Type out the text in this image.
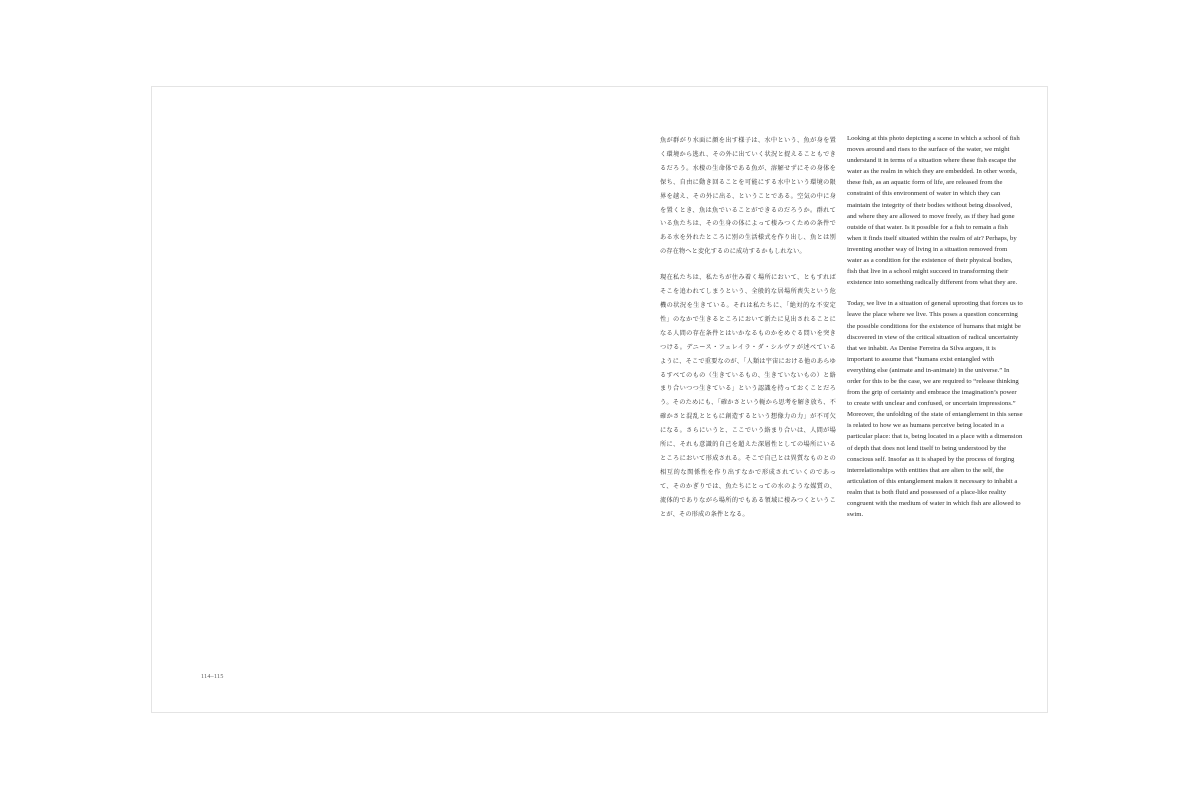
魚が群がり水面に顔を出す様子は、水中という、魚が身を置く環境から逃れ、その外に出ていく状況と捉えることもできるだろう。水棲の生命体である魚が、溶解せずにその身体を保ち、自由に動き回ることを可能にする水中という環境の限界を越え、その外に出る、ということである。空気の中に身を置くとき、魚は魚でいることができるのだろうか。群れている魚たちは、その生身の体によって棲みつくための条件である水を外れたところに別の生活様式を作り出し、魚とは別の存在物へと変化するのに成功するかもしれない。

現在私たちは、私たちが住み着く場所において、ともすればそこを追われてしまうという、全般的な居場所喪失という危機の状況を生きている。それは私たちに、「絶対的な不安定性」のなかで生きるところにおいて新たに見出されることになる人間の存在条件とはいかなるものかをめぐる問いを突きつける。デニース・フェレイラ・ダ・シルヴァが述べているように、そこで重要なのが、「人類は宇宙における他のあらゆるすべてのもの（生きているもの、生きていないもの）と絡まり合いつつ生きている」という認識を持っておくことだろう。そのためにも、「確かさという軛から思考を解き放ち、不確かさと混乱とともに創造するという想像力の力」が不可欠になる。さらにいうと、ここでいう絡まり合いは、人間が場所に、それも意識的自己を超えた深層性としての場所にいるところにおいて形成される。そこで自己とは異質なものとの相互的な関係性を作り出すなかで形成されていくのであって、そのかぎりでは、魚たちにとっての水のような媒質の、流体的でありながら場所的でもある領域に棲みつくということが、その形成の条件となる。

Looking at this photo depicting a scene in which a school of fish moves around and rises to the surface of the water, we might understand it in terms of a situation where these fish escape the water as the realm in which they are embedded. In other words, these fish, as an aquatic form of life, are released from the constraint of this environment of water in which they can maintain the integrity of their bodies without being dissolved, and where they are allowed to move freely, as if they had gone outside of that water. Is it possible for a fish to remain a fish when it finds itself situated within the realm of air? Perhaps, by inventing another way of living in a situation removed from water as a condition for the existence of their physical bodies, fish that live in a school might succeed in transforming their existence into something radically different from what they are.

Today, we live in a situation of general uprooting that forces us to leave the place where we live. This poses a question concerning the possible conditions for the existence of humans that might be discovered in view of the critical situation of radical uncertainty that we inhabit. As Denise Ferreira da Silva argues, it is important to assume that “humans exist entangled with everything else (animate and in-animate) in the universe.” In order for this to be the case, we are required to “release thinking from the grip of certainty and embrace the imagination’s power to create with unclear and confused, or uncertain impressions.” Moreover, the unfolding of the state of entanglement in this sense is related to how we as humans perceive being located in a particular place: that is, being located in a place with a dimension of depth that does not lend itself to being understood by the conscious self. Insofar as it is shaped by the process of forging interrelationships with entities that are alien to the self, the articulation of this entanglement makes it necessary to inhabit a realm that is both fluid and possessed of a place-like reality congruent with the medium of water in which fish are allowed to swim.

114–115
